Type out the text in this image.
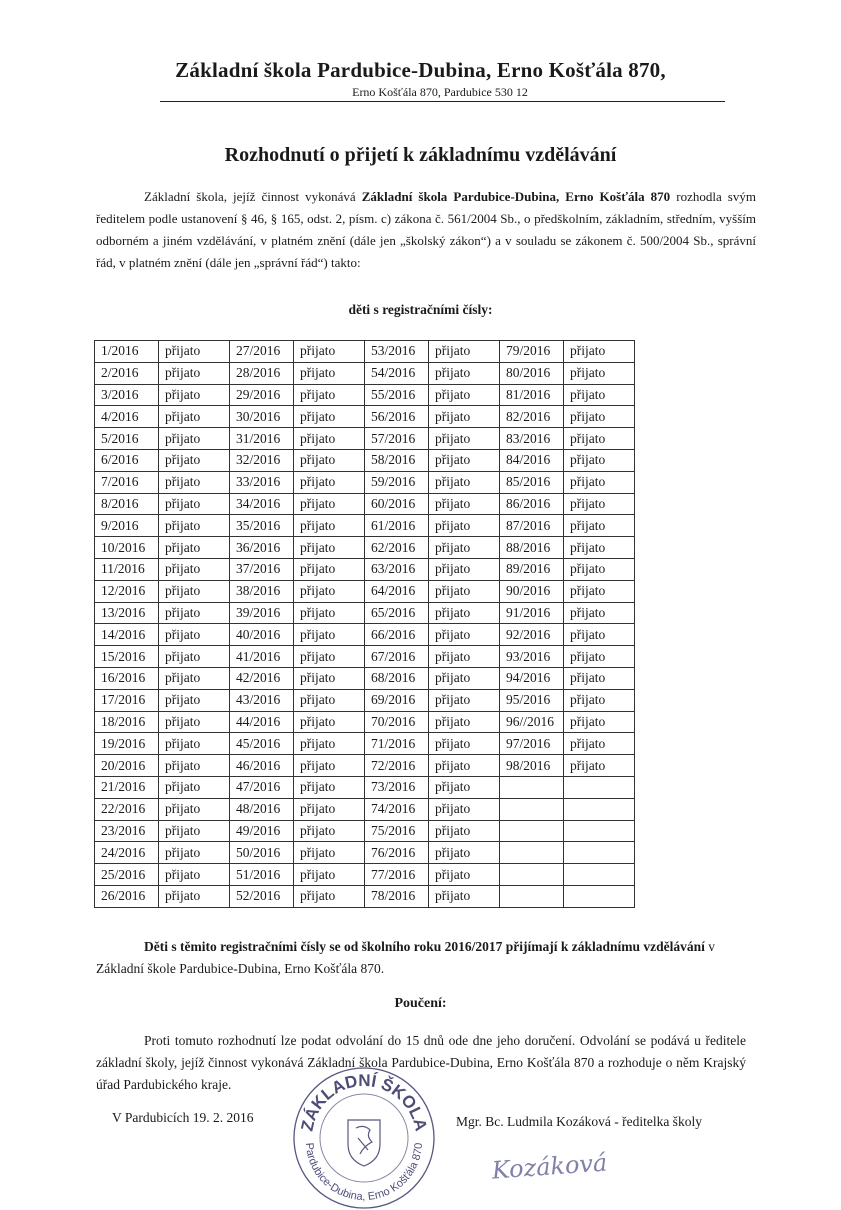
Základní škola Pardubice-Dubina, Erno Košťála 870,
Erno Košťála 870, Pardubice 530 12
Rozhodnutí o přijetí k základnímu vzdělávání

Základní škola, jejíž činnost vykonává Základní škola Pardubice-Dubina, Erno Košťála 870 rozhodla svým ředitelem podle ustanovení § 46, § 165, odst. 2, písm. c) zákona č. 561/2004 Sb., o předškolním, základním, středním, vyšším odborném a jiném vzdělávání, v platném znění (dále jen „školský zákon“) a v souladu se zákonem č. 500/2004 Sb., správní řád, v platném znění (dále jen „správní řád“) takto:

děti s registračními čísly:
1/2016	přijato	27/2016	přijato	53/2016	přijato	79/2016	přijato
2/2016	přijato	28/2016	přijato	54/2016	přijato	80/2016	přijato
3/2016	přijato	29/2016	přijato	55/2016	přijato	81/2016	přijato
4/2016	přijato	30/2016	přijato	56/2016	přijato	82/2016	přijato
5/2016	přijato	31/2016	přijato	57/2016	přijato	83/2016	přijato
6/2016	přijato	32/2016	přijato	58/2016	přijato	84/2016	přijato
7/2016	přijato	33/2016	přijato	59/2016	přijato	85/2016	přijato
8/2016	přijato	34/2016	přijato	60/2016	přijato	86/2016	přijato
9/2016	přijato	35/2016	přijato	61/2016	přijato	87/2016	přijato
10/2016	přijato	36/2016	přijato	62/2016	přijato	88/2016	přijato
11/2016	přijato	37/2016	přijato	63/2016	přijato	89/2016	přijato
12/2016	přijato	38/2016	přijato	64/2016	přijato	90/2016	přijato
13/2016	přijato	39/2016	přijato	65/2016	přijato	91/2016	přijato
14/2016	přijato	40/2016	přijato	66/2016	přijato	92/2016	přijato
15/2016	přijato	41/2016	přijato	67/2016	přijato	93/2016	přijato
16/2016	přijato	42/2016	přijato	68/2016	přijato	94/2016	přijato
17/2016	přijato	43/2016	přijato	69/2016	přijato	95/2016	přijato
18/2016	přijato	44/2016	přijato	70/2016	přijato	96//2016	přijato
19/2016	přijato	45/2016	přijato	71/2016	přijato	97/2016	přijato
20/2016	přijato	46/2016	přijato	72/2016	přijato	98/2016	přijato
21/2016	přijato	47/2016	přijato	73/2016	přijato		
22/2016	přijato	48/2016	přijato	74/2016	přijato		
23/2016	přijato	49/2016	přijato	75/2016	přijato		
24/2016	přijato	50/2016	přijato	76/2016	přijato		
25/2016	přijato	51/2016	přijato	77/2016	přijato		
26/2016	přijato	52/2016	přijato	78/2016	přijato		

Děti s těmito registračními čísly se od školního roku 2016/2017 přijímají k základnímu vzdělávání v Základní škole Pardubice-Dubina, Erno Košťála 870.

Poučení:

Proti tomuto rozhodnutí lze podat odvolání do 15 dnů ode dne jeho doručení. Odvolání se podává u ředitele základní školy, jejíž činnost vykonává Základní škola Pardubice-Dubina, Erno Košťála 870 a rozhoduje o něm Krajský úřad Pardubického kraje.

V Pardubicích 19. 2. 2016	Mgr. Bc. Ludmila Kozáková - ředitelka školy
ZÁKLADNÍ ŠKOLA
Pardubice-Dubina, Erno Košťála 870
Kozáková
